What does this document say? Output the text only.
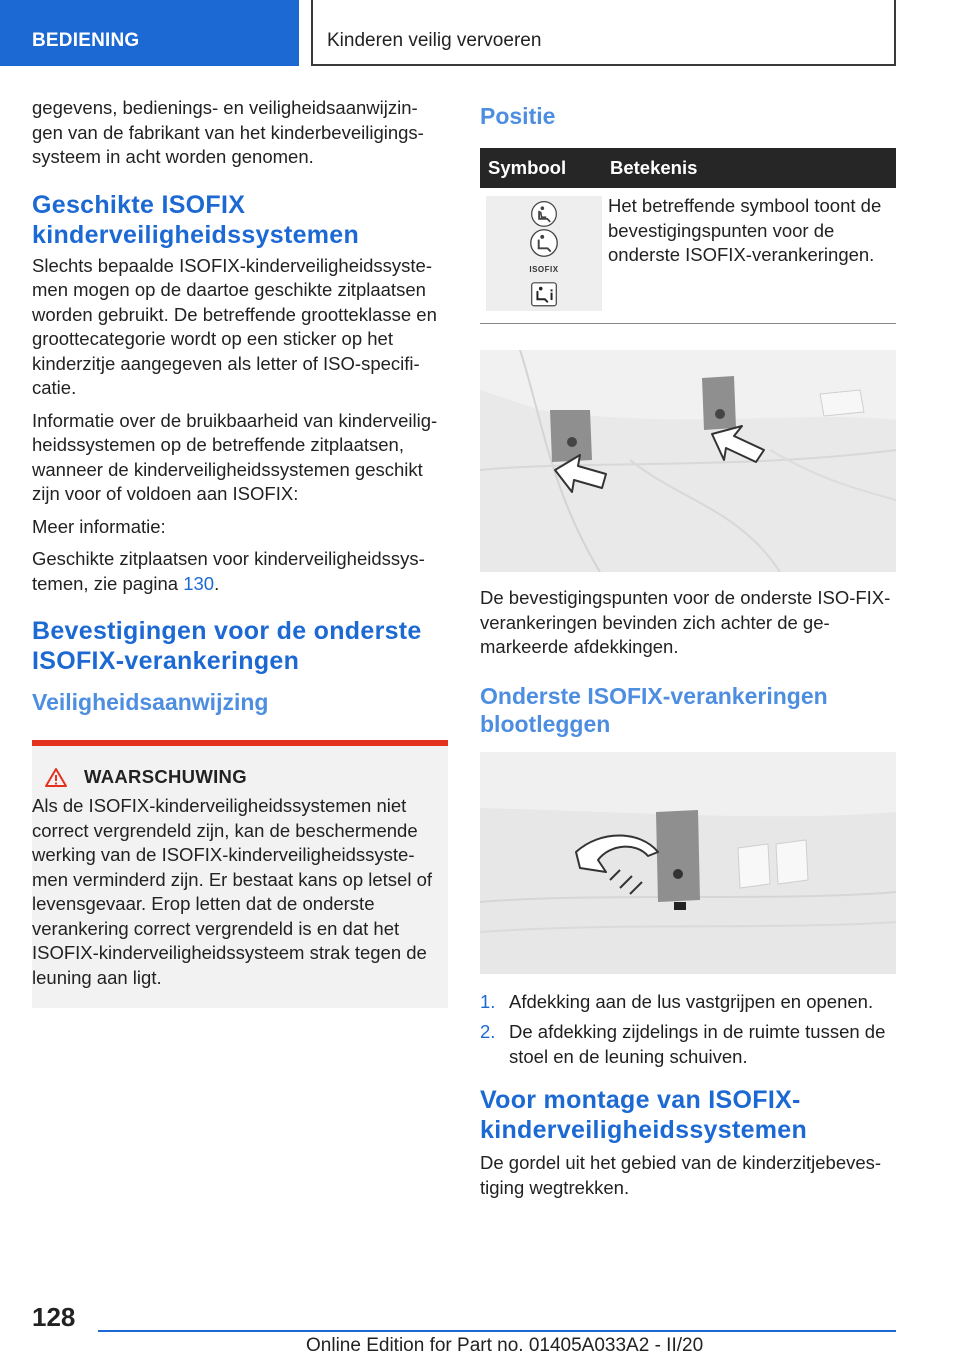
BEDIENING	Kinderen veilig vervoeren

gegevens, bedienings- en veiligheidsaanwijzin-gen van de fabrikant van het kinderbeveiligings-systeem in acht worden genomen.

Geschikte ISOFIX kinderveiligheidssystemen

Slechts bepaalde ISOFIX-kinderveiligheidssyste-men mogen op de daartoe geschikte zitplaatsen worden gebruikt. De betreffende grootteklasse en groottecategorie wordt op een sticker op het kinderzitje aangegeven als letter of ISO-specifi-catie.

Informatie over de bruikbaarheid van kinderveilig-heidssystemen op de betreffende zitplaatsen, wanneer de kinderveiligheidssystemen geschikt zijn voor of voldoen aan ISOFIX:

Meer informatie:

Geschikte zitplaatsen voor kinderveiligheidssys-temen, zie pagina 130.

Bevestigingen voor de onderste ISOFIX-verankeringen
Veiligheidsaanwijzing
WAARSCHUWING

Als de ISOFIX-kinderveiligheidssystemen niet correct vergrendeld zijn, kan de beschermende werking van de ISOFIX-kinderveiligheidssyste-men verminderd zijn. Er bestaat kans op letsel of levensgevaar. Erop letten dat de onderste verankering correct vergrendeld is en dat het ISOFIX-kinderveiligheidssysteem strak tegen de leuning aan ligt.

Positie
Symbool	Betekenis

ISOFIX	Het betreffende symbool toont de bevestigingspunten voor de onderste ISOFIX-verankeringen.

De bevestigingspunten voor de onderste ISO-FIX-verankeringen bevinden zich achter de ge-markeerde afdekkingen.

Onderste ISOFIX-verankeringen blootleggen
1. Afdekking aan de lus vastgrijpen en openen.
2. De afdekking zijdelings in de ruimte tussen de stoel en de leuning schuiven.
Voor montage van ISOFIX-kinderveiligheidssystemen

De gordel uit het gebied van de kinderzitjebeves-tiging wegtrekken.

128
Online Edition for Part no. 01405A033A2 - II/20
